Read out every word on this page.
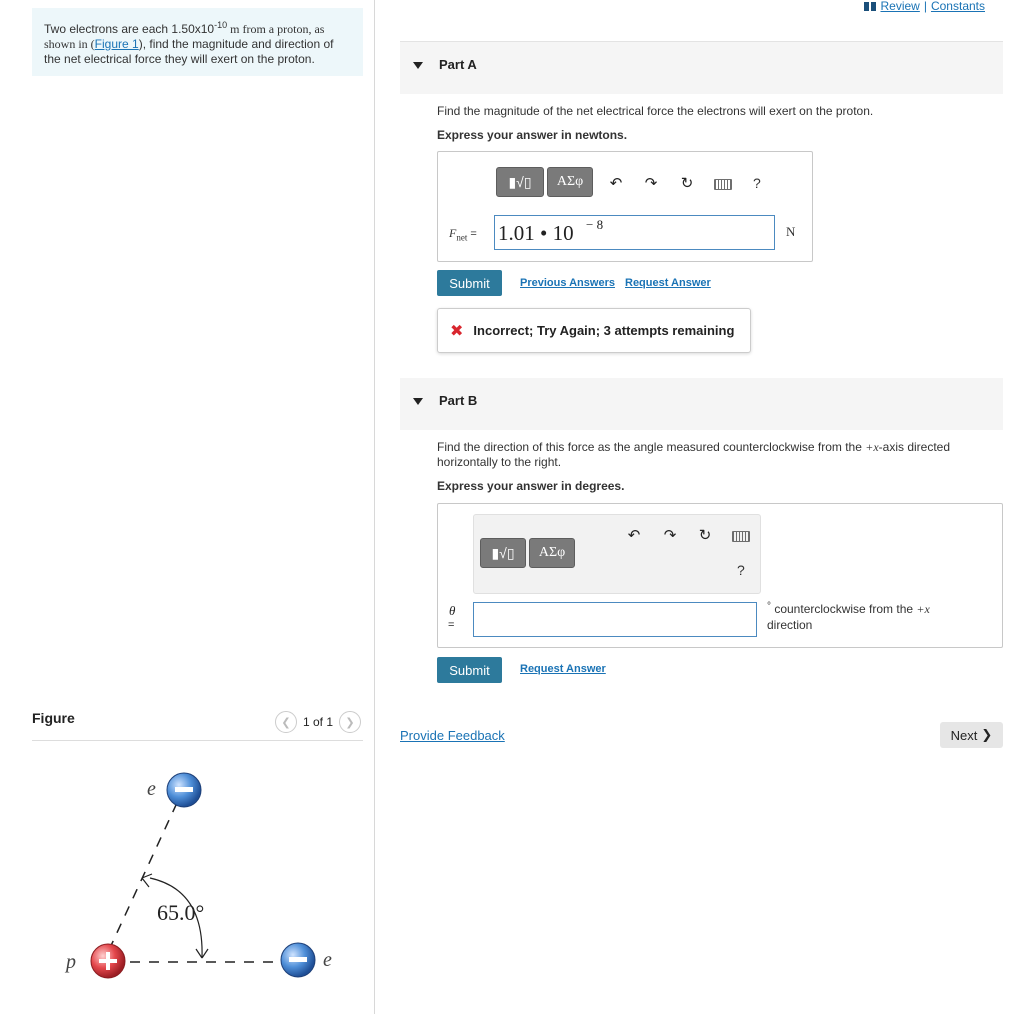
Two electrons are each $1.50x10^{-10}$ m from a proton, as shown in (Figure 1), find the magnitude and direction of the net electrical force they will exert on the proton.
Figure	❮ 1 of 1 ❯
65.0°
e
e
p
Review | Constants
Part A
Find the magnitude of the net electrical force the electrons will exert on the proton.
Express your answer in newtons.
▮√▯ ΑΣφ ↶ ↷ ↻	?
$F_{net} = 1.01$ • 10 − 8	N
Submit	Previous Answers Request Answer
✖ Incorrect; Try Again; 3 attempts remaining
Part B
Find the direction of this force as the angle measured counterclockwise from the +x-axis directed horizontally to the right.
Express your answer in degrees.
▮√▯ ΑΣφ
↶ ↷ ↻
?
θ
=
° counterclockwise from the +x
direction
Submit	Request Answer
Provide Feedback	Next ❯
